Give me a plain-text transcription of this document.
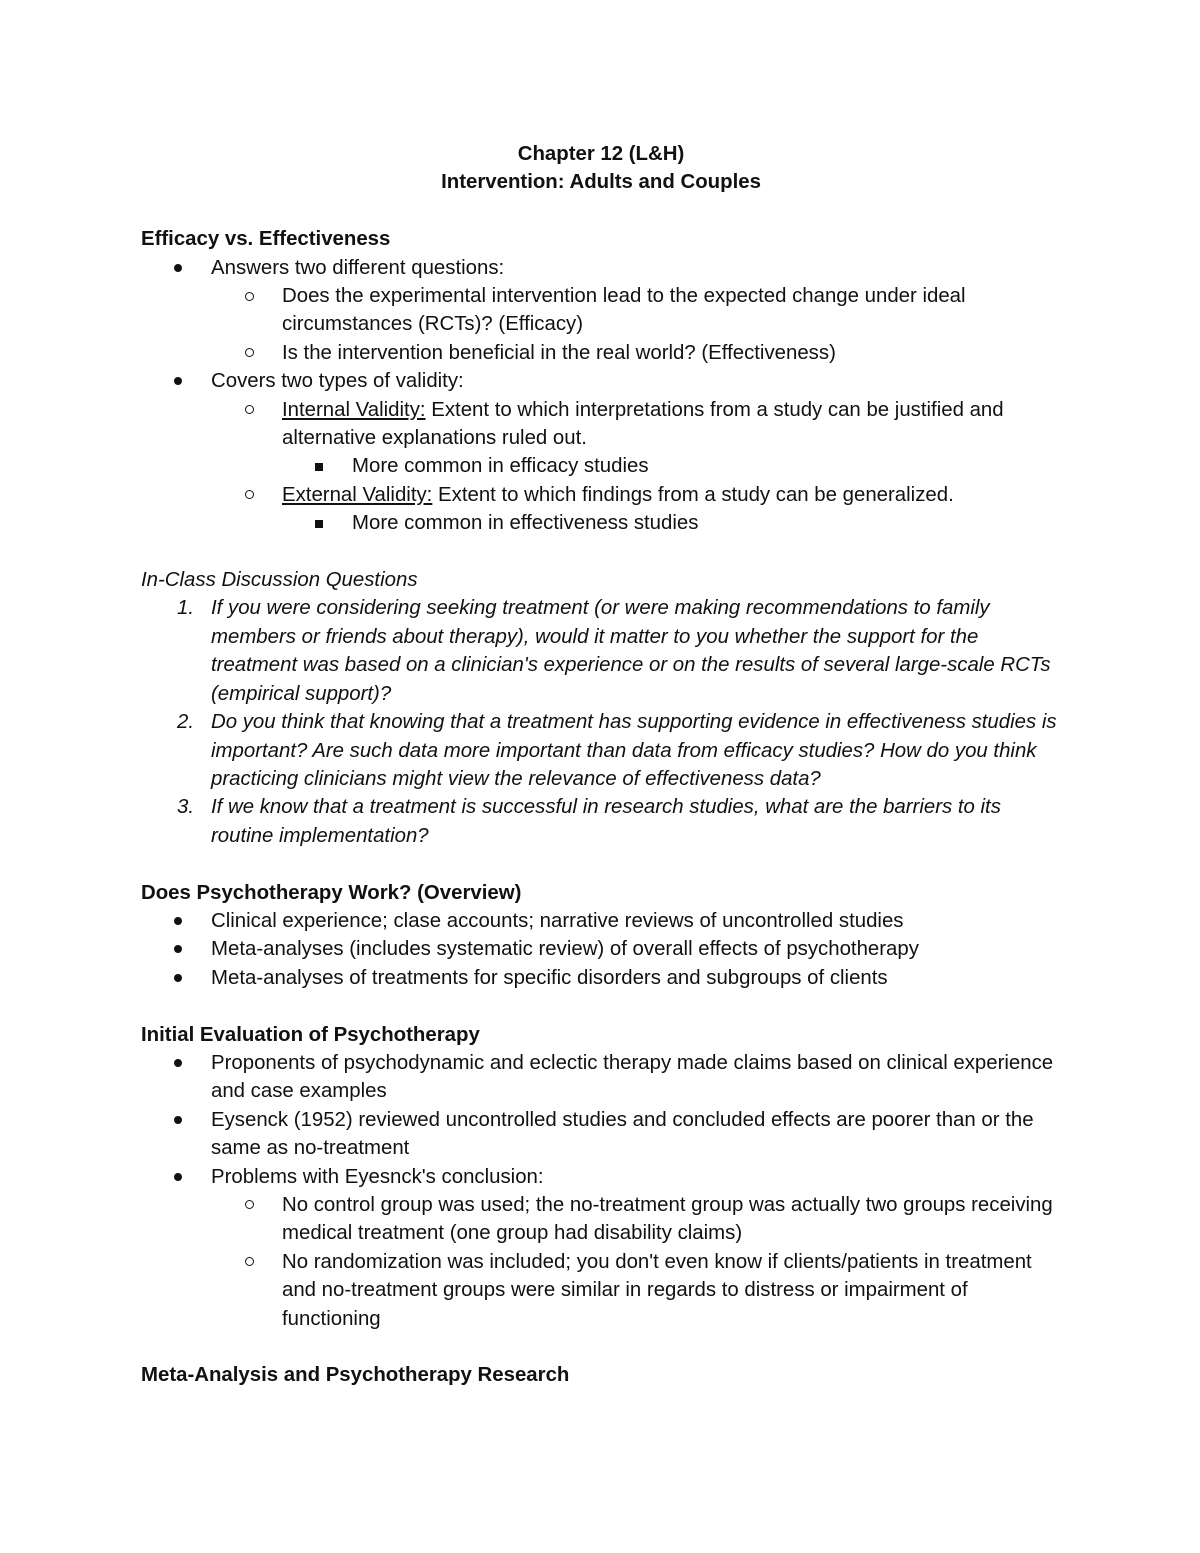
Chapter 12 (L&H)
Intervention: Adults and Couples
Efficacy vs. Effectiveness
Answers two different questions:
Does the experimental intervention lead to the expected change under ideal circumstances (RCTs)? (Efficacy)
Is the intervention beneficial in the real world? (Effectiveness)
Covers two types of validity:
Internal Validity: Extent to which interpretations from a study can be justified and alternative explanations ruled out.
More common in efficacy studies
External Validity: Extent to which findings from a study can be generalized.
More common in effectiveness studies
In-Class Discussion Questions
1. If you were considering seeking treatment (or were making recommendations to family members or friends about therapy), would it matter to you whether the support for the treatment was based on a clinician's experience or on the results of several large-scale RCTs (empirical support)?
2. Do you think that knowing that a treatment has supporting evidence in effectiveness studies is important? Are such data more important than data from efficacy studies? How do you think practicing clinicians might view the relevance of effectiveness data?
3. If we know that a treatment is successful in research studies, what are the barriers to its routine implementation?
Does Psychotherapy Work? (Overview)
Clinical experience; clase accounts; narrative reviews of uncontrolled studies
Meta-analyses (includes systematic review) of overall effects of psychotherapy
Meta-analyses of treatments for specific disorders and subgroups of clients
Initial Evaluation of Psychotherapy
Proponents of psychodynamic and eclectic therapy made claims based on clinical experience and case examples
Eysenck (1952) reviewed uncontrolled studies and concluded effects are poorer than or the same as no-treatment
Problems with Eyesnck's conclusion:
No control group was used; the no-treatment group was actually two groups receiving medical treatment (one group had disability claims)
No randomization was included; you don't even know if clients/patients in treatment and no-treatment groups were similar in regards to distress or impairment of functioning
Meta-Analysis and Psychotherapy Research
